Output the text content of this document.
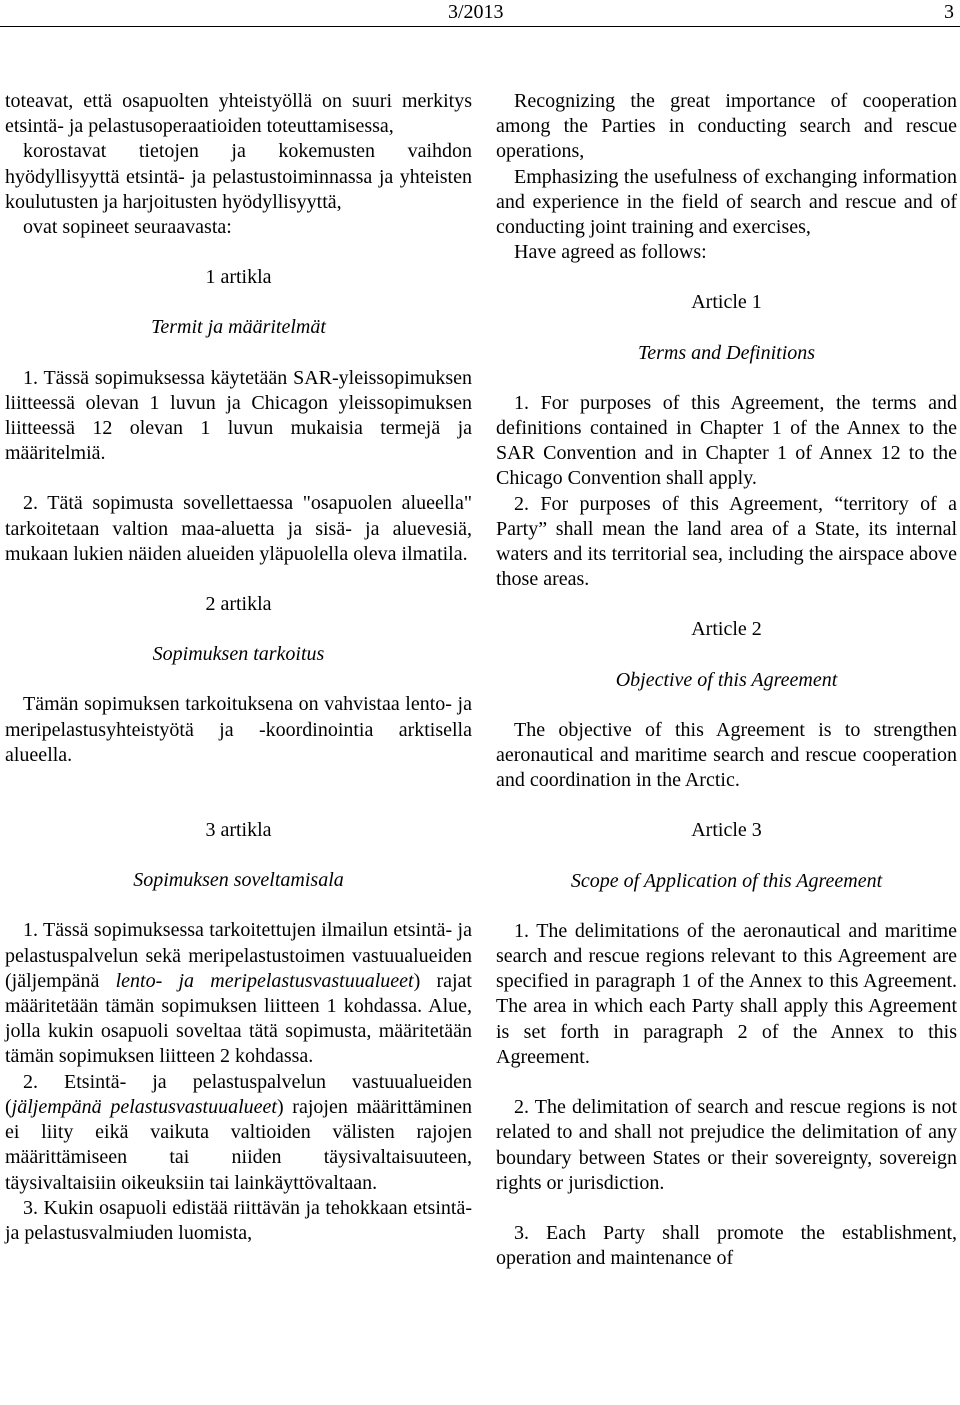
3/2013	3

toteavat, että osapuolten yhteistyöllä on suuri merkitys etsintä- ja pelastusoperaatioiden toteuttamisessa,

korostavat tietojen ja kokemusten vaihdon hyödyllisyyttä etsintä- ja pelastustoiminnassa ja yhteisten koulutusten ja harjoitusten hyödyllisyyttä,

ovat sopineet seuraavasta:

1 artikla

Termit ja määritelmät

1. Tässä sopimuksessa käytetään SAR-yleissopimuksen liitteessä olevan 1 luvun ja Chicagon yleissopimuksen liitteessä 12 olevan 1 luvun mukaisia termejä ja määritelmiä.

2. Tätä sopimusta sovellettaessa "osapuolen alueella" tarkoitetaan valtion maa-aluetta ja sisä- ja aluevesiä, mukaan lukien näiden alueiden yläpuolella oleva ilmatila.

2 artikla

Sopimuksen tarkoitus

Tämän sopimuksen tarkoituksena on vahvistaa lento- ja meripelastusyhteistyötä ja -koordinointia arktisella alueella.

3 artikla

Sopimuksen soveltamisala

1. Tässä sopimuksessa tarkoitettujen ilmailun etsintä- ja pelastuspalvelun sekä meripelastustoimen vastuualueiden (jäljempänä lento- ja meripelastusvastuualueet) rajat määritetään tämän sopimuksen liitteen 1 kohdassa. Alue, jolla kukin osapuoli soveltaa tätä sopimusta, määritetään tämän sopimuksen liitteen 2 kohdassa.

2. Etsintä- ja pelastuspalvelun vastuualueiden (jäljempänä pelastusvastuualueet) rajojen määrittäminen ei liity eikä vaikuta valtioiden välisten rajojen määrittämiseen tai niiden täysivaltaisuuteen, täysivaltaisiin oikeuksiin tai lainkäyttövaltaan.

3. Kukin osapuoli edistää riittävän ja tehokkaan etsintä- ja pelastusvalmiuden luomista,

Recognizing the great importance of cooperation among the Parties in conducting search and rescue operations,

Emphasizing the usefulness of exchanging information and experience in the field of search and rescue and of conducting joint training and exercises,

Have agreed as follows:

Article 1

Terms and Definitions

1. For purposes of this Agreement, the terms and definitions contained in Chapter 1 of the Annex to the SAR Convention and in Chapter 1 of Annex 12 to the Chicago Convention shall apply.

2. For purposes of this Agreement, “territory of a Party” shall mean the land area of a State, its internal waters and its territorial sea, including the airspace above those areas.

Article 2

Objective of this Agreement

The objective of this Agreement is to strengthen aeronautical and maritime search and rescue cooperation and coordination in the Arctic.

Article 3

Scope of Application of this Agreement

1. The delimitations of the aeronautical and maritime search and rescue regions relevant to this Agreement are specified in paragraph 1 of the Annex to this Agreement. The area in which each Party shall apply this Agreement is set forth in paragraph 2 of the Annex to this Agreement.

2. The delimitation of search and rescue regions is not related to and shall not prejudice the delimitation of any boundary between States or their sovereignty, sovereign rights or jurisdiction.

3. Each Party shall promote the establishment, operation and maintenance of
